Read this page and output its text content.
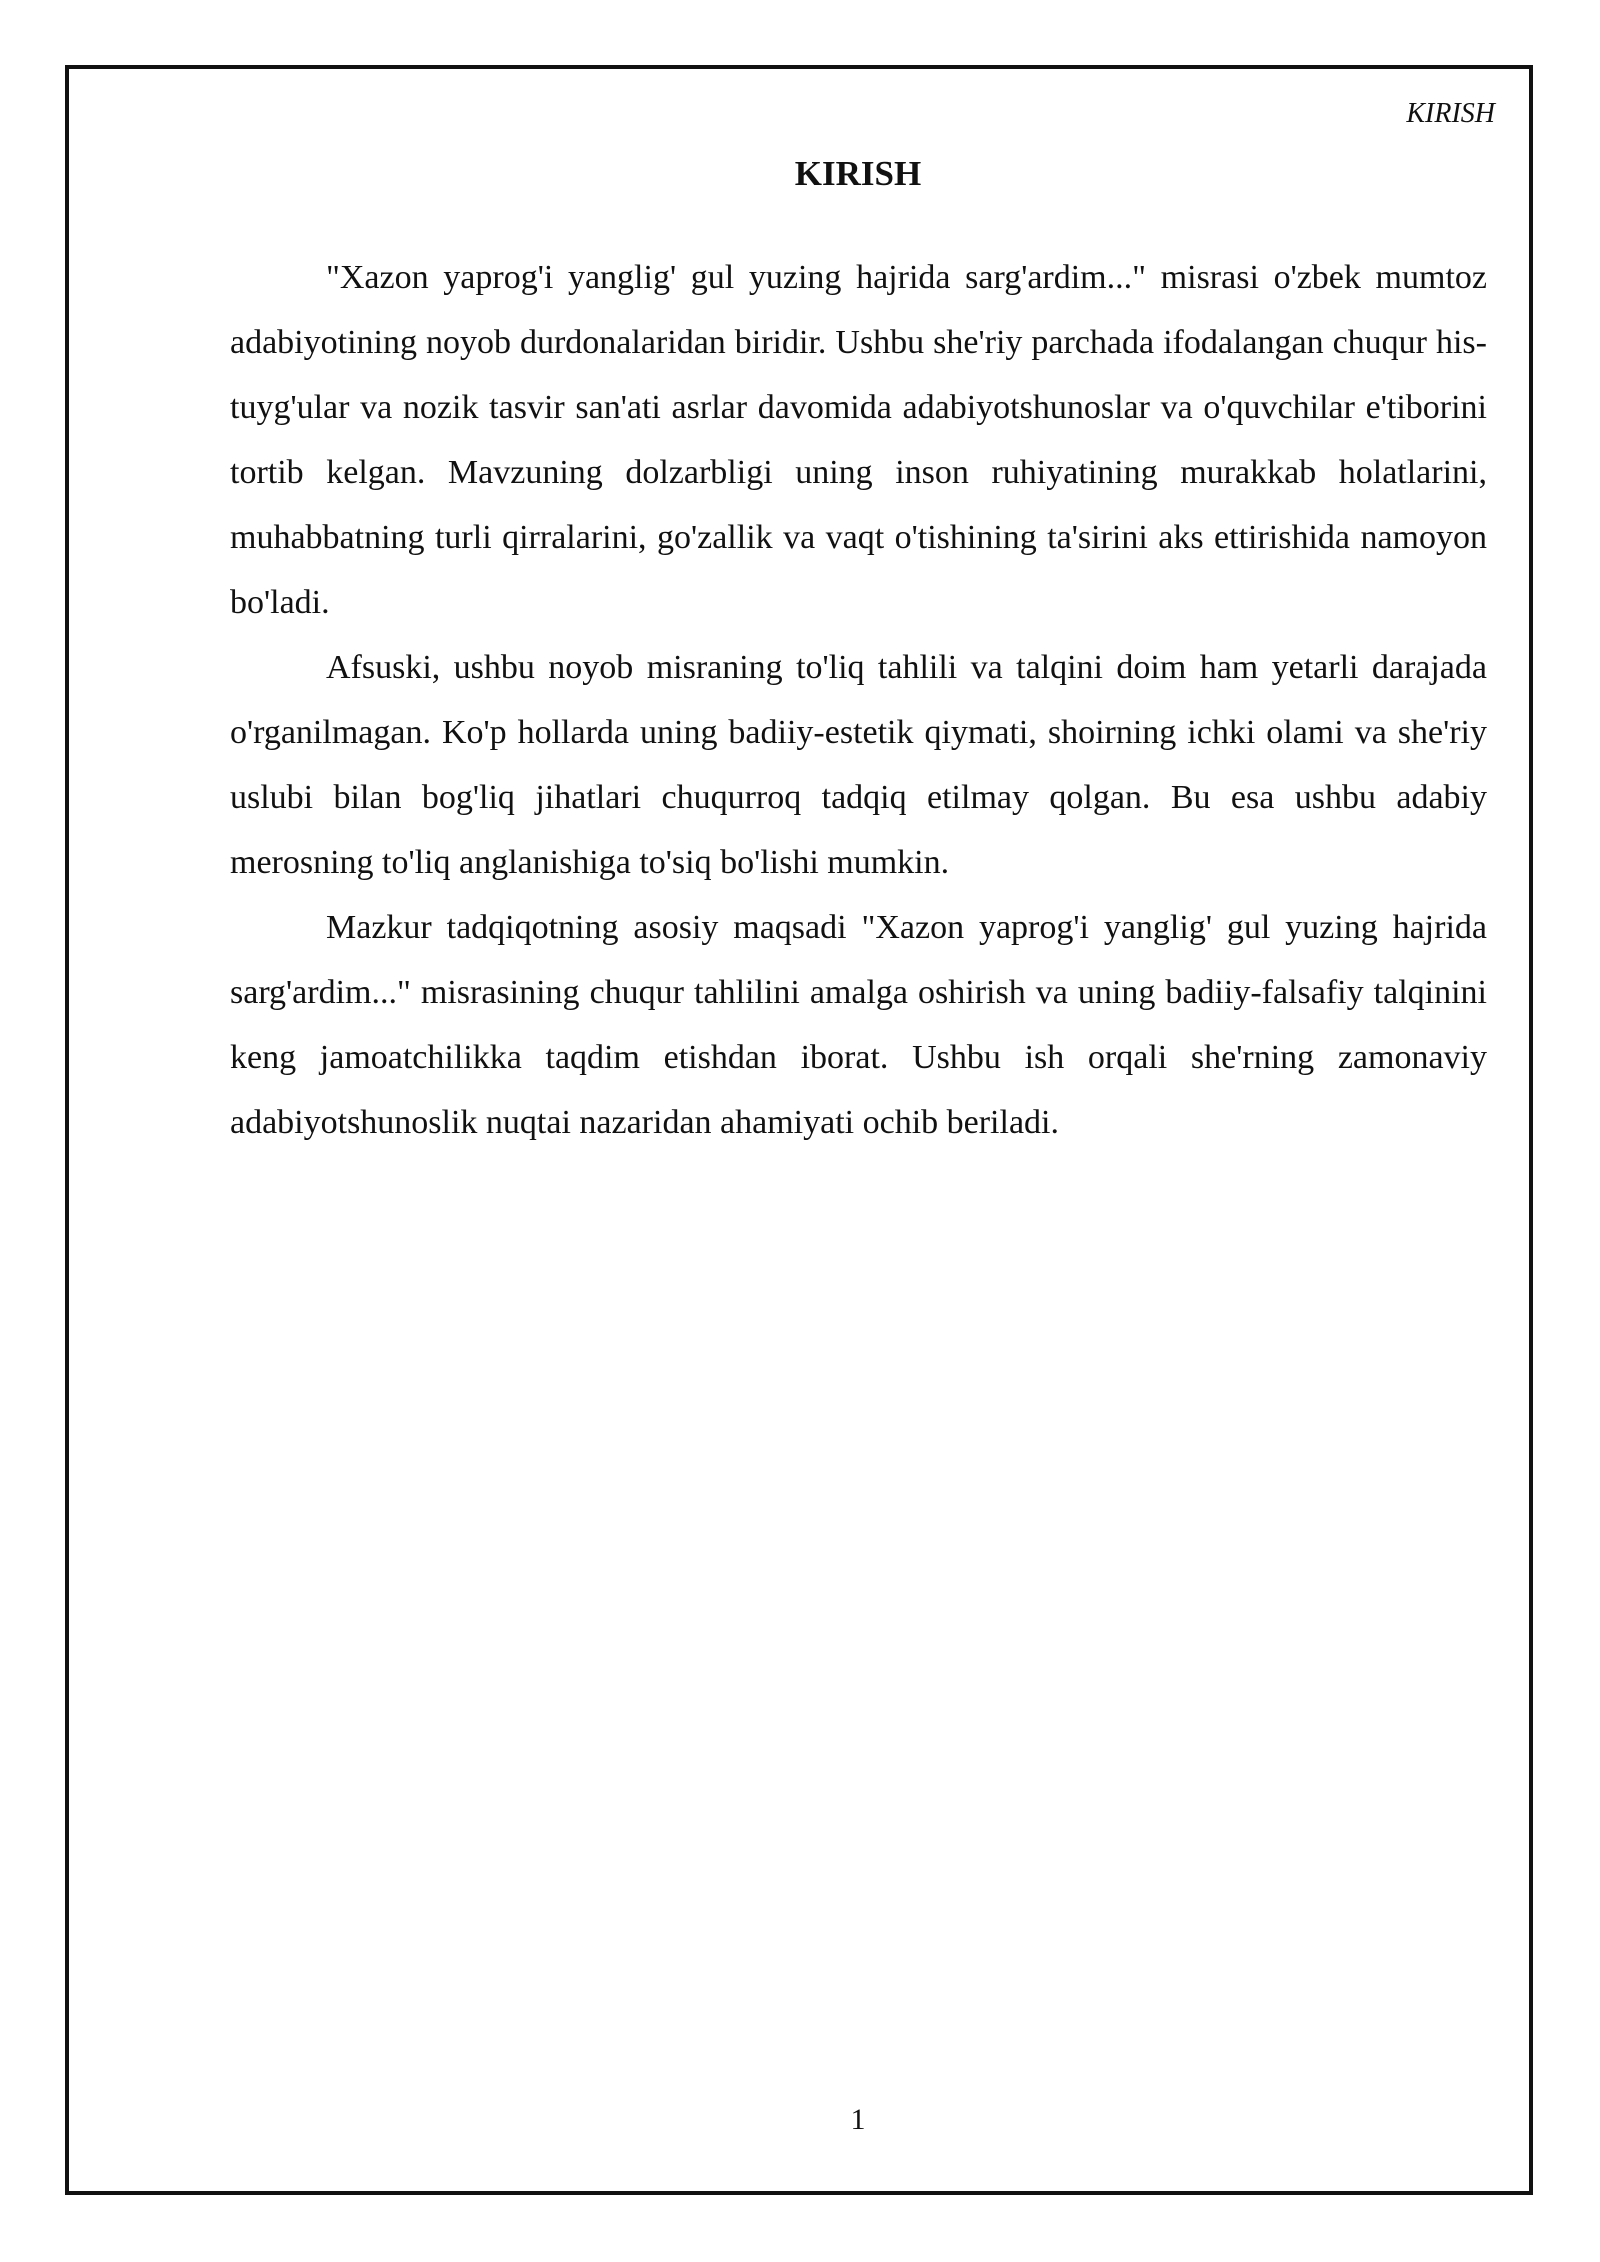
KIRISH
KIRISH

"Xazon yaprog'i yanglig' gul yuzing hajrida sarg'ardim..." misrasi o'zbek mumtoz adabiyotining noyob durdonalaridan biridir. Ushbu she'riy parchada ifodalangan chuqur his-tuyg'ular va nozik tasvir san'ati asrlar davomida adabiyotshunoslar va o'quvchilar e'tiborini tortib kelgan. Mavzuning dolzarbligi uning inson ruhiyatining murakkab holatlarini, muhabbatning turli qirralarini, go'zallik va vaqt o'tishining ta'sirini aks ettirishida namoyon bo'ladi.

Afsuski, ushbu noyob misraning to'liq tahlili va talqini doim ham yetarli darajada o'rganilmagan. Ko'p hollarda uning badiiy-estetik qiymati, shoirning ichki olami va she'riy uslubi bilan bog'liq jihatlari chuqurroq tadqiq etilmay qolgan. Bu esa ushbu adabiy merosning to'liq anglanishiga to'siq bo'lishi mumkin.

Mazkur tadqiqotning asosiy maqsadi "Xazon yaprog'i yanglig' gul yuzing hajrida sarg'ardim..." misrasining chuqur tahlilini amalga oshirish va uning badiiy-falsafiy talqinini keng jamoatchilikka taqdim etishdan iborat. Ushbu ish orqali she'rning zamonaviy adabiyotshunoslik nuqtai nazaridan ahamiyati ochib beriladi.

1
